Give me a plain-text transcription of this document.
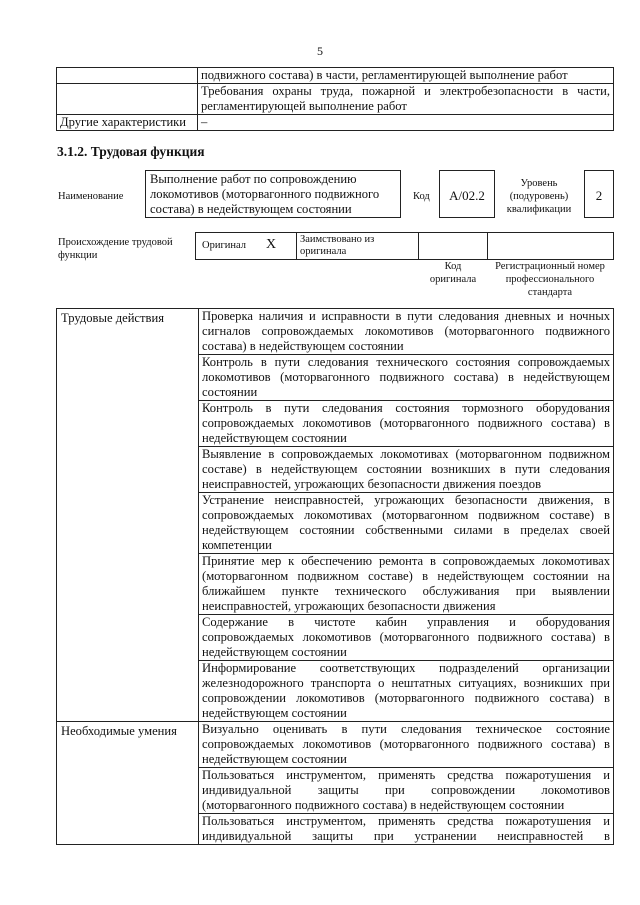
5

	подвижного состава) в части, регламентирующей выполнение работ

	Требования охраны труда, пожарной и электробезопасности в части,
регламентирующей выполнение работ

Другие характеристики	–
3.1.2. Трудовая функция
Наименование
Выполнение работ по сопровождению
локомотивов (моторвагонного подвижного
состава) в недействующем состоянии
Код	А/02.2
Уровень
(подуровень)
квалификации
2
Происхождение трудовой
функции
Оригинал Х Заимствовано из
оригинала
Код
оригинала
Регистрационный номер
профессионального
стандарта
Трудовые действия	Проверка наличия и исправности в пути следования дневных и ночных
сигналов сопровождаемых локомотивов (моторвагонного подвижного
состава) в недействующем состоянии

	Контроль в пути следования технического состояния сопровождаемых
локомотивов (моторвагонного подвижного состава) в недействующем
состоянии

	Контроль в пути следования состояния тормозного оборудования
сопровождаемых локомотивов (моторвагонного подвижного состава) в
недействующем состоянии

	Выявление в сопровождаемых локомотивах (моторвагонном подвижном
составе) в недействующем состоянии возникших в пути следования
неисправностей, угрожающих безопасности движения поездов

	Устранение неисправностей, угрожающих безопасности движения, в
сопровождаемых локомотивах (моторвагонном подвижном составе) в
недействующем состоянии собственными силами в пределах своей
компетенции

	Принятие мер к обеспечению ремонта в сопровождаемых локомотивах
(моторвагонном подвижном составе) в недействующем состоянии на
ближайшем пункте технического обслуживания при выявлении
неисправностей, угрожающих безопасности движения

	Содержание в чистоте кабин управления и оборудования
сопровождаемых локомотивов (моторвагонного подвижного состава) в
недействующем состоянии

	Информирование соответствующих подразделений организации
железнодорожного транспорта о нештатных ситуациях, возникших при
сопровождении локомотивов (моторвагонного подвижного состава) в
недействующем состоянии

Необходимые умения	Визуально оценивать в пути следования техническое состояние
сопровождаемых локомотивов (моторвагонного подвижного состава) в
недействующем состоянии

	Пользоваться инструментом, применять средства пожаротушения и
индивидуальной защиты при сопровождении локомотивов
(моторвагонного подвижного состава) в недействующем состоянии

	Пользоваться инструментом, применять средства пожаротушения и
индивидуальной защиты при устранении неисправностей в
